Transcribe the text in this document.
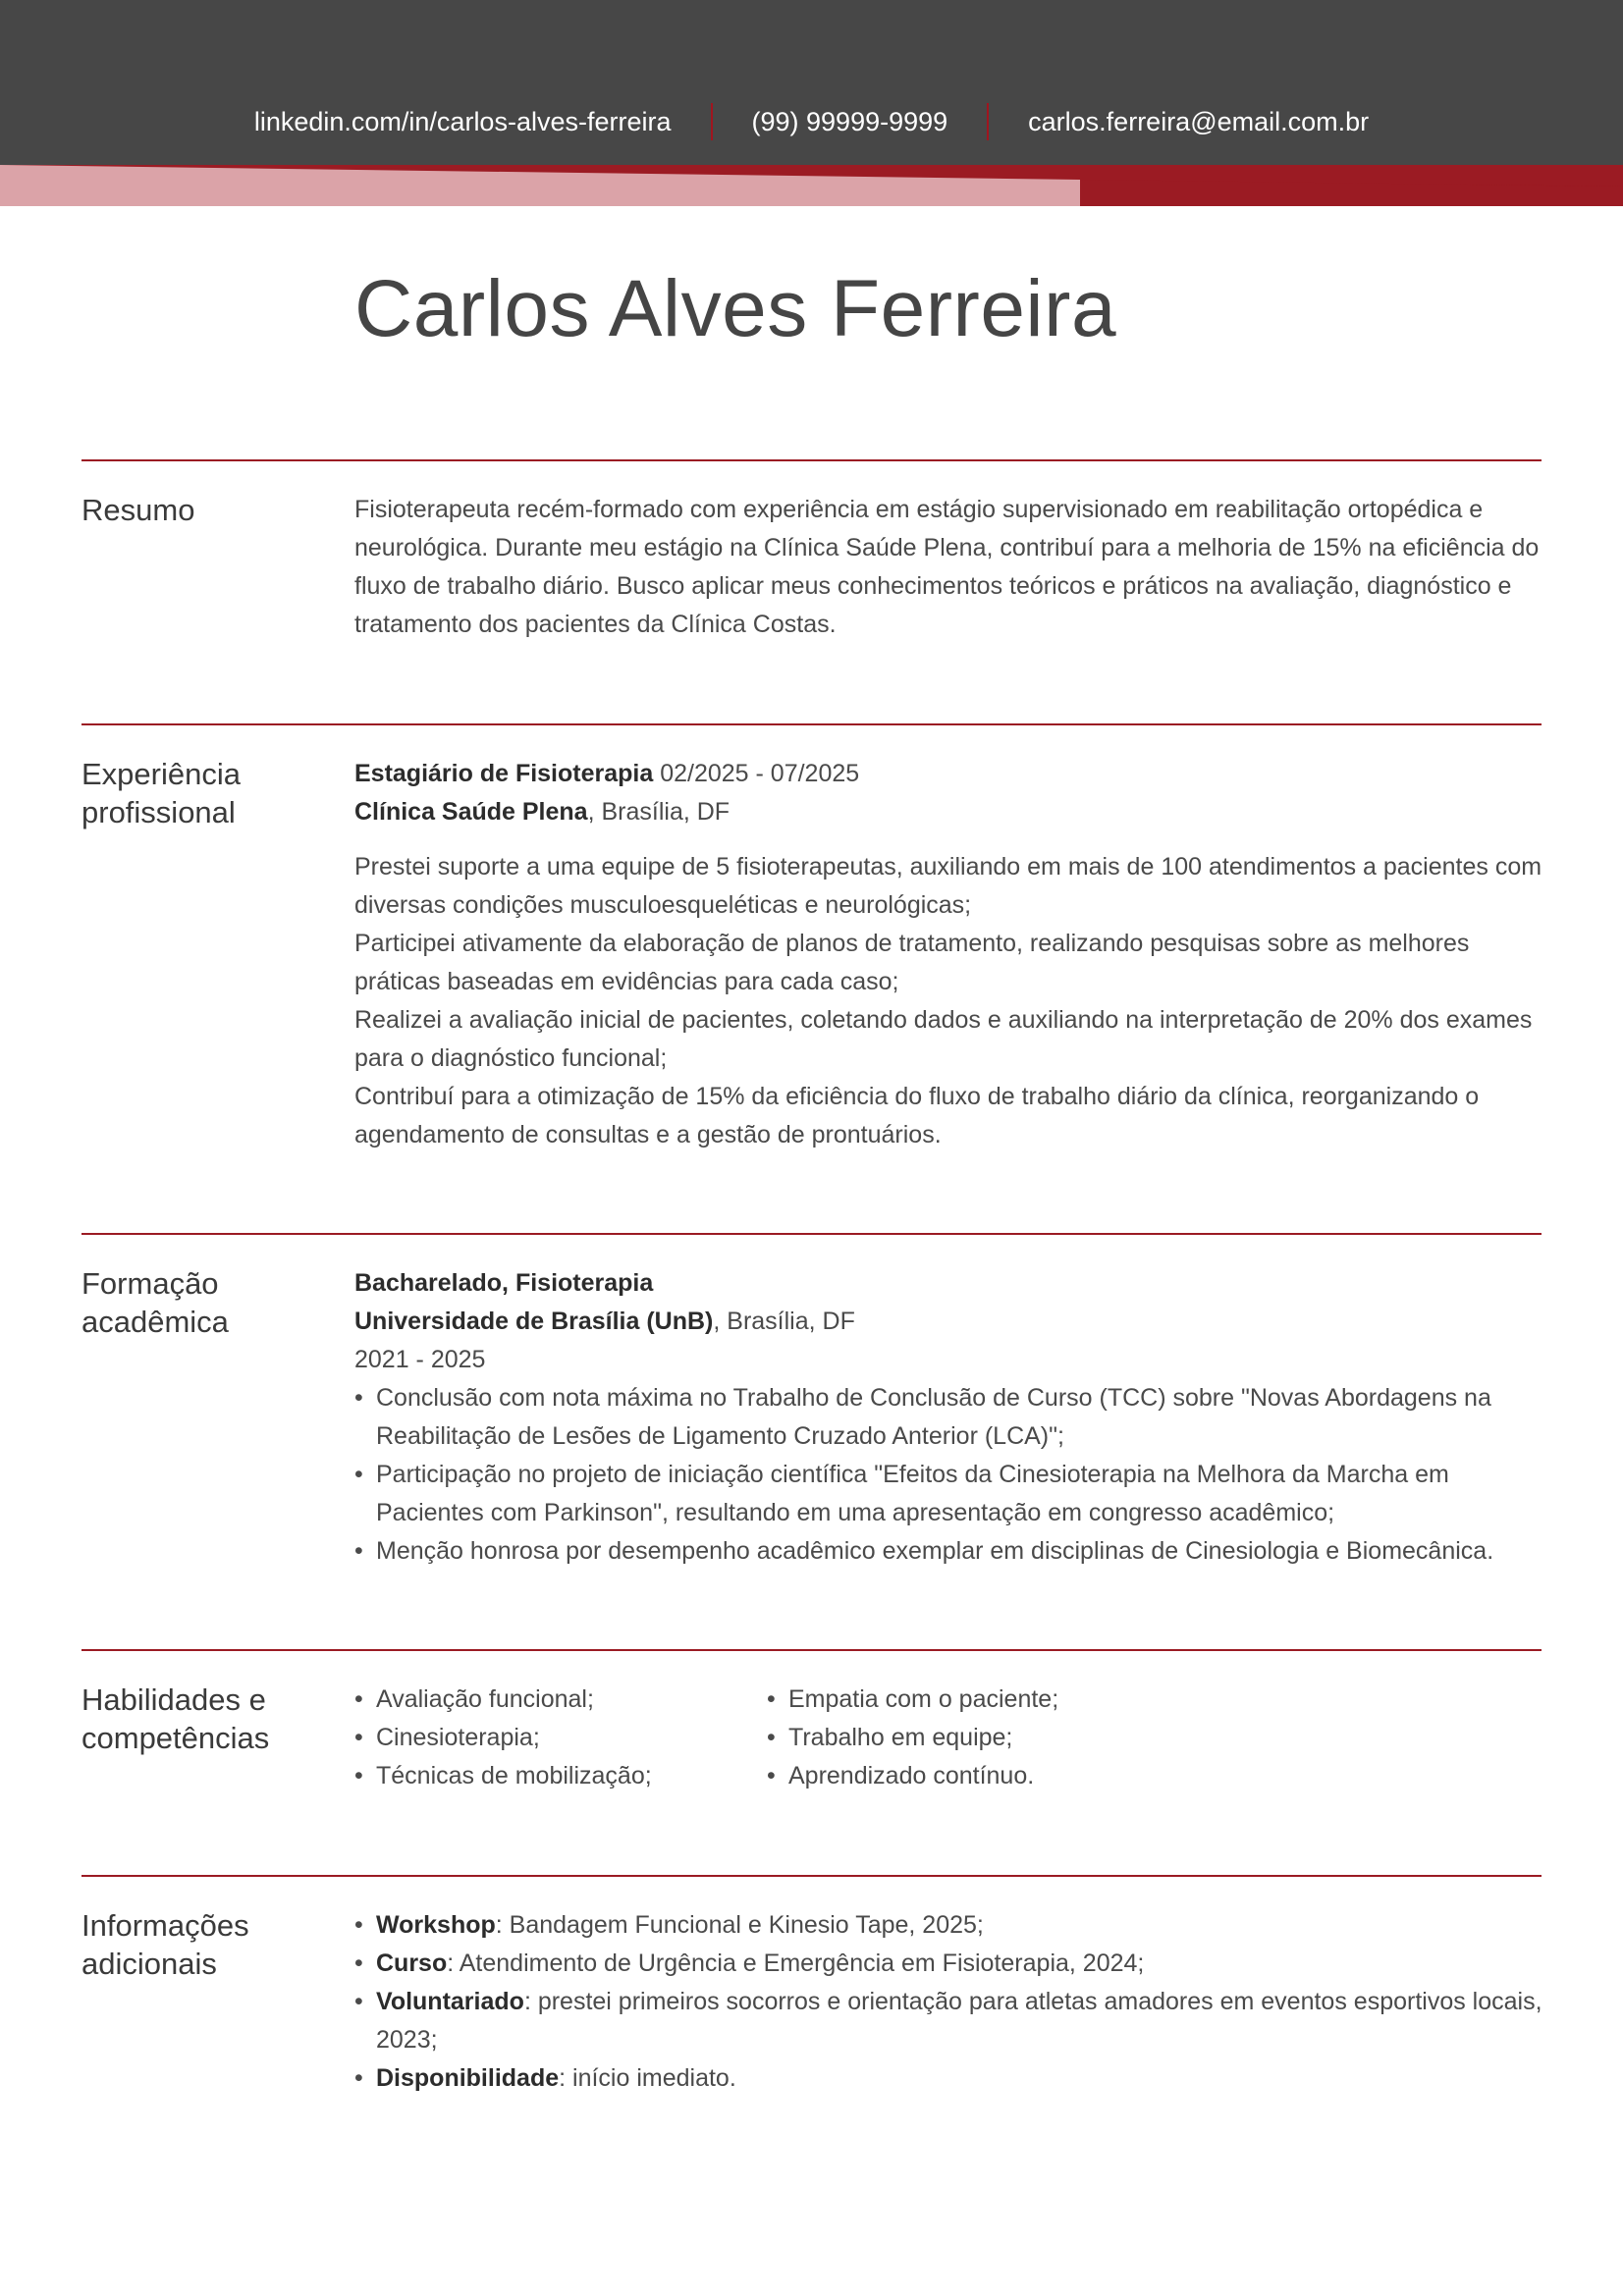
linkedin.com/in/carlos-alves-ferreira	(99) 99999-9999	carlos.ferreira@email.com.br
Carlos Alves Ferreira
Resumo	Fisioterapeuta recém-formado com experiência em estágio supervisionado em reabilitação ortopédica e neurológica. Durante meu estágio na Clínica Saúde Plena, contribuí para a melhoria de 15% na eficiência do fluxo de trabalho diário. Busco aplicar meus conhecimentos teóricos e práticos na avaliação, diagnóstico e tratamento dos pacientes da Clínica Costas.

Experiência profissional

Estagiário de Fisioterapia 02/2025 - 07/2025

Clínica Saúde Plena, Brasília, DF

Prestei suporte a uma equipe de 5 fisioterapeutas, auxiliando em mais de 100 atendimentos a pacientes com diversas condições musculoesqueléticas e neurológicas;

Participei ativamente da elaboração de planos de tratamento, realizando pesquisas sobre as melhores práticas baseadas em evidências para cada caso;

Realizei a avaliação inicial de pacientes, coletando dados e auxiliando na interpretação de 20% dos exames para o diagnóstico funcional;

Contribuí para a otimização de 15% da eficiência do fluxo de trabalho diário da clínica, reorganizando o agendamento de consultas e a gestão de prontuários.

Formação acadêmica

Bacharelado, Fisioterapia

Universidade de Brasília (UnB), Brasília, DF

2021 - 2025

• Conclusão com nota máxima no Trabalho de Conclusão de Curso (TCC) sobre "Novas Abordagens na Reabilitação de Lesões de Ligamento Cruzado Anterior (LCA)";
• Participação no projeto de iniciação científica "Efeitos da Cinesioterapia na Melhora da Marcha em Pacientes com Parkinson", resultando em uma apresentação em congresso acadêmico;
• Menção honrosa por desempenho acadêmico exemplar em disciplinas de Cinesiologia e Biomecânica.
Habilidades e competências
• Avaliação funcional;
• Cinesioterapia;
• Técnicas de mobilização;
• Empatia com o paciente;
• Trabalho em equipe;
• Aprendizado contínuo.
Informações adicionais
• Workshop: Bandagem Funcional e Kinesio Tape, 2025;
• Curso: Atendimento de Urgência e Emergência em Fisioterapia, 2024;
• Voluntariado: prestei primeiros socorros e orientação para atletas amadores em eventos esportivos locais, 2023;
• Disponibilidade: início imediato.
